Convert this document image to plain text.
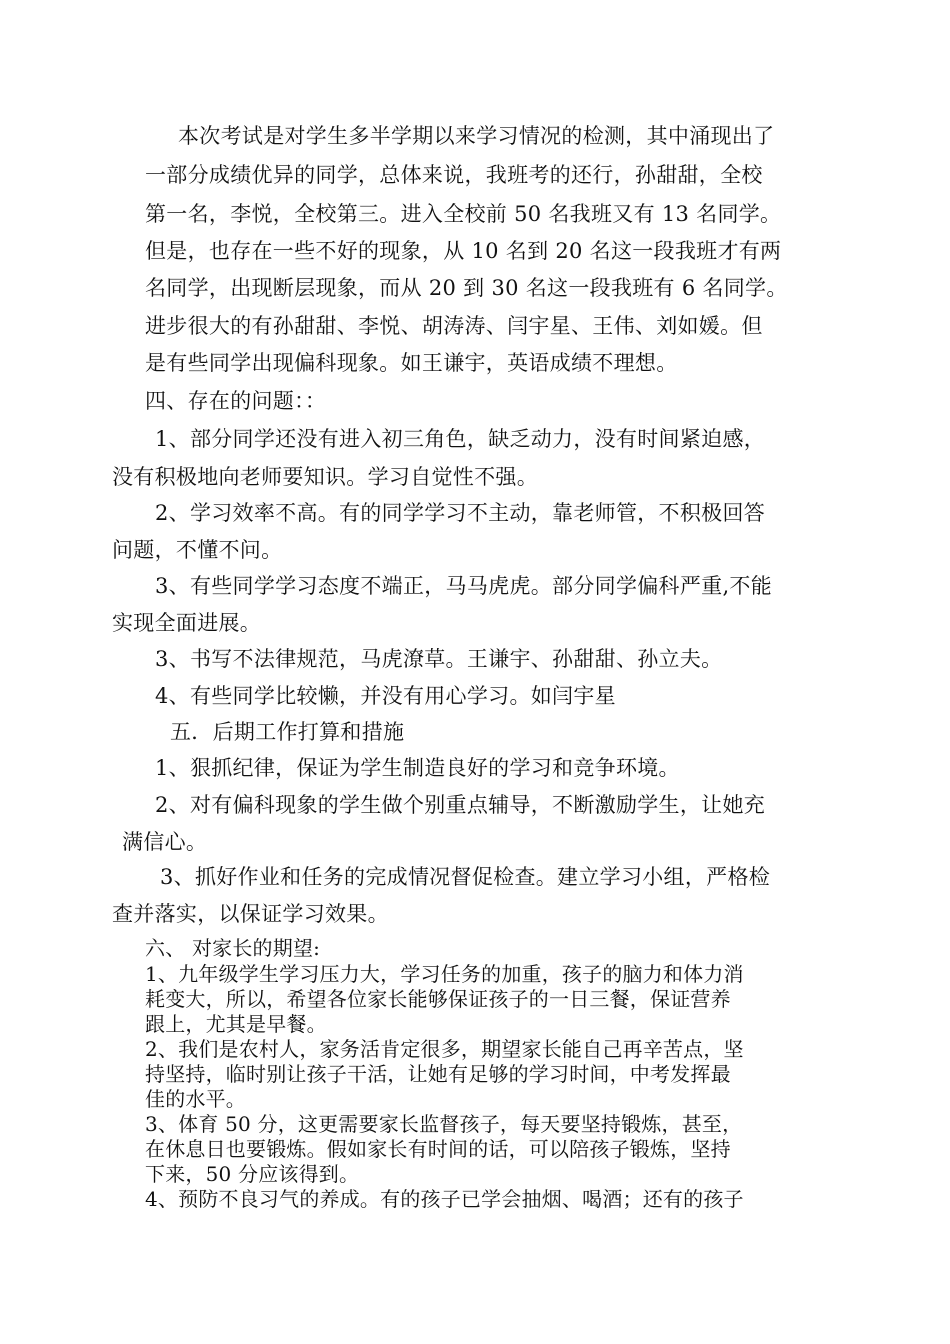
本次考试是对学生多半学期以来学习情况的检测，其中涌现出了
一部分成绩优异的同学，总体来说，我班考的还行，孙甜甜，全校
第一名，李悦，全校第三。进入全校前 50 名我班又有 13 名同学。
但是，也存在一些不好的现象，从 10 名到 20 名这一段我班才有两
名同学，出现断层现象，而从 20 到 30 名这一段我班有 6 名同学。
进步很大的有孙甜甜、李悦、胡涛涛、闫宇星、王伟、刘如媛。但
是有些同学出现偏科现象。如王谦宇，英语成绩不理想。
四、存在的问题：：
1、部分同学还没有进入初三角色，缺乏动力，没有时间紧迫感，
没有积极地向老师要知识。学习自觉性不强。
2、学习效率不高。有的同学学习不主动，靠老师管，不积极回答
问题，不懂不问。
3、有些同学学习态度不端正，马马虎虎。部分同学偏科严重,不能
实现全面进展。
3、书写不法律规范，马虎潦草。王谦宇、孙甜甜、孙立夫。
4、有些同学比较懒，并没有用心学习。如闫宇星
五．后期工作打算和措施
1、狠抓纪律，保证为学生制造良好的学习和竞争环境。
2、对有偏科现象的学生做个别重点辅导，不断激励学生，让她充
满信心。
3、抓好作业和任务的完成情况督促检查。建立学习小组，严格检
查并落实，以保证学习效果。
六、 对家长的期望:
1、九年级学生学习压力大，学习任务的加重，孩子的脑力和体力消
耗变大，所以，希望各位家长能够保证孩子的一日三餐，保证营养
跟上，尤其是早餐。
2、我们是农村人，家务活肯定很多，期望家长能自己再辛苦点，坚
持坚持，临时别让孩子干活，让她有足够的学习时间，中考发挥最
佳的水平。
3、体育 50 分，这更需要家长监督孩子，每天要坚持锻炼，甚至，
在休息日也要锻炼。假如家长有时间的话，可以陪孩子锻炼，坚持
下来，50 分应该得到。
4、预防不良习气的养成。有的孩子已学会抽烟、喝酒；还有的孩子
